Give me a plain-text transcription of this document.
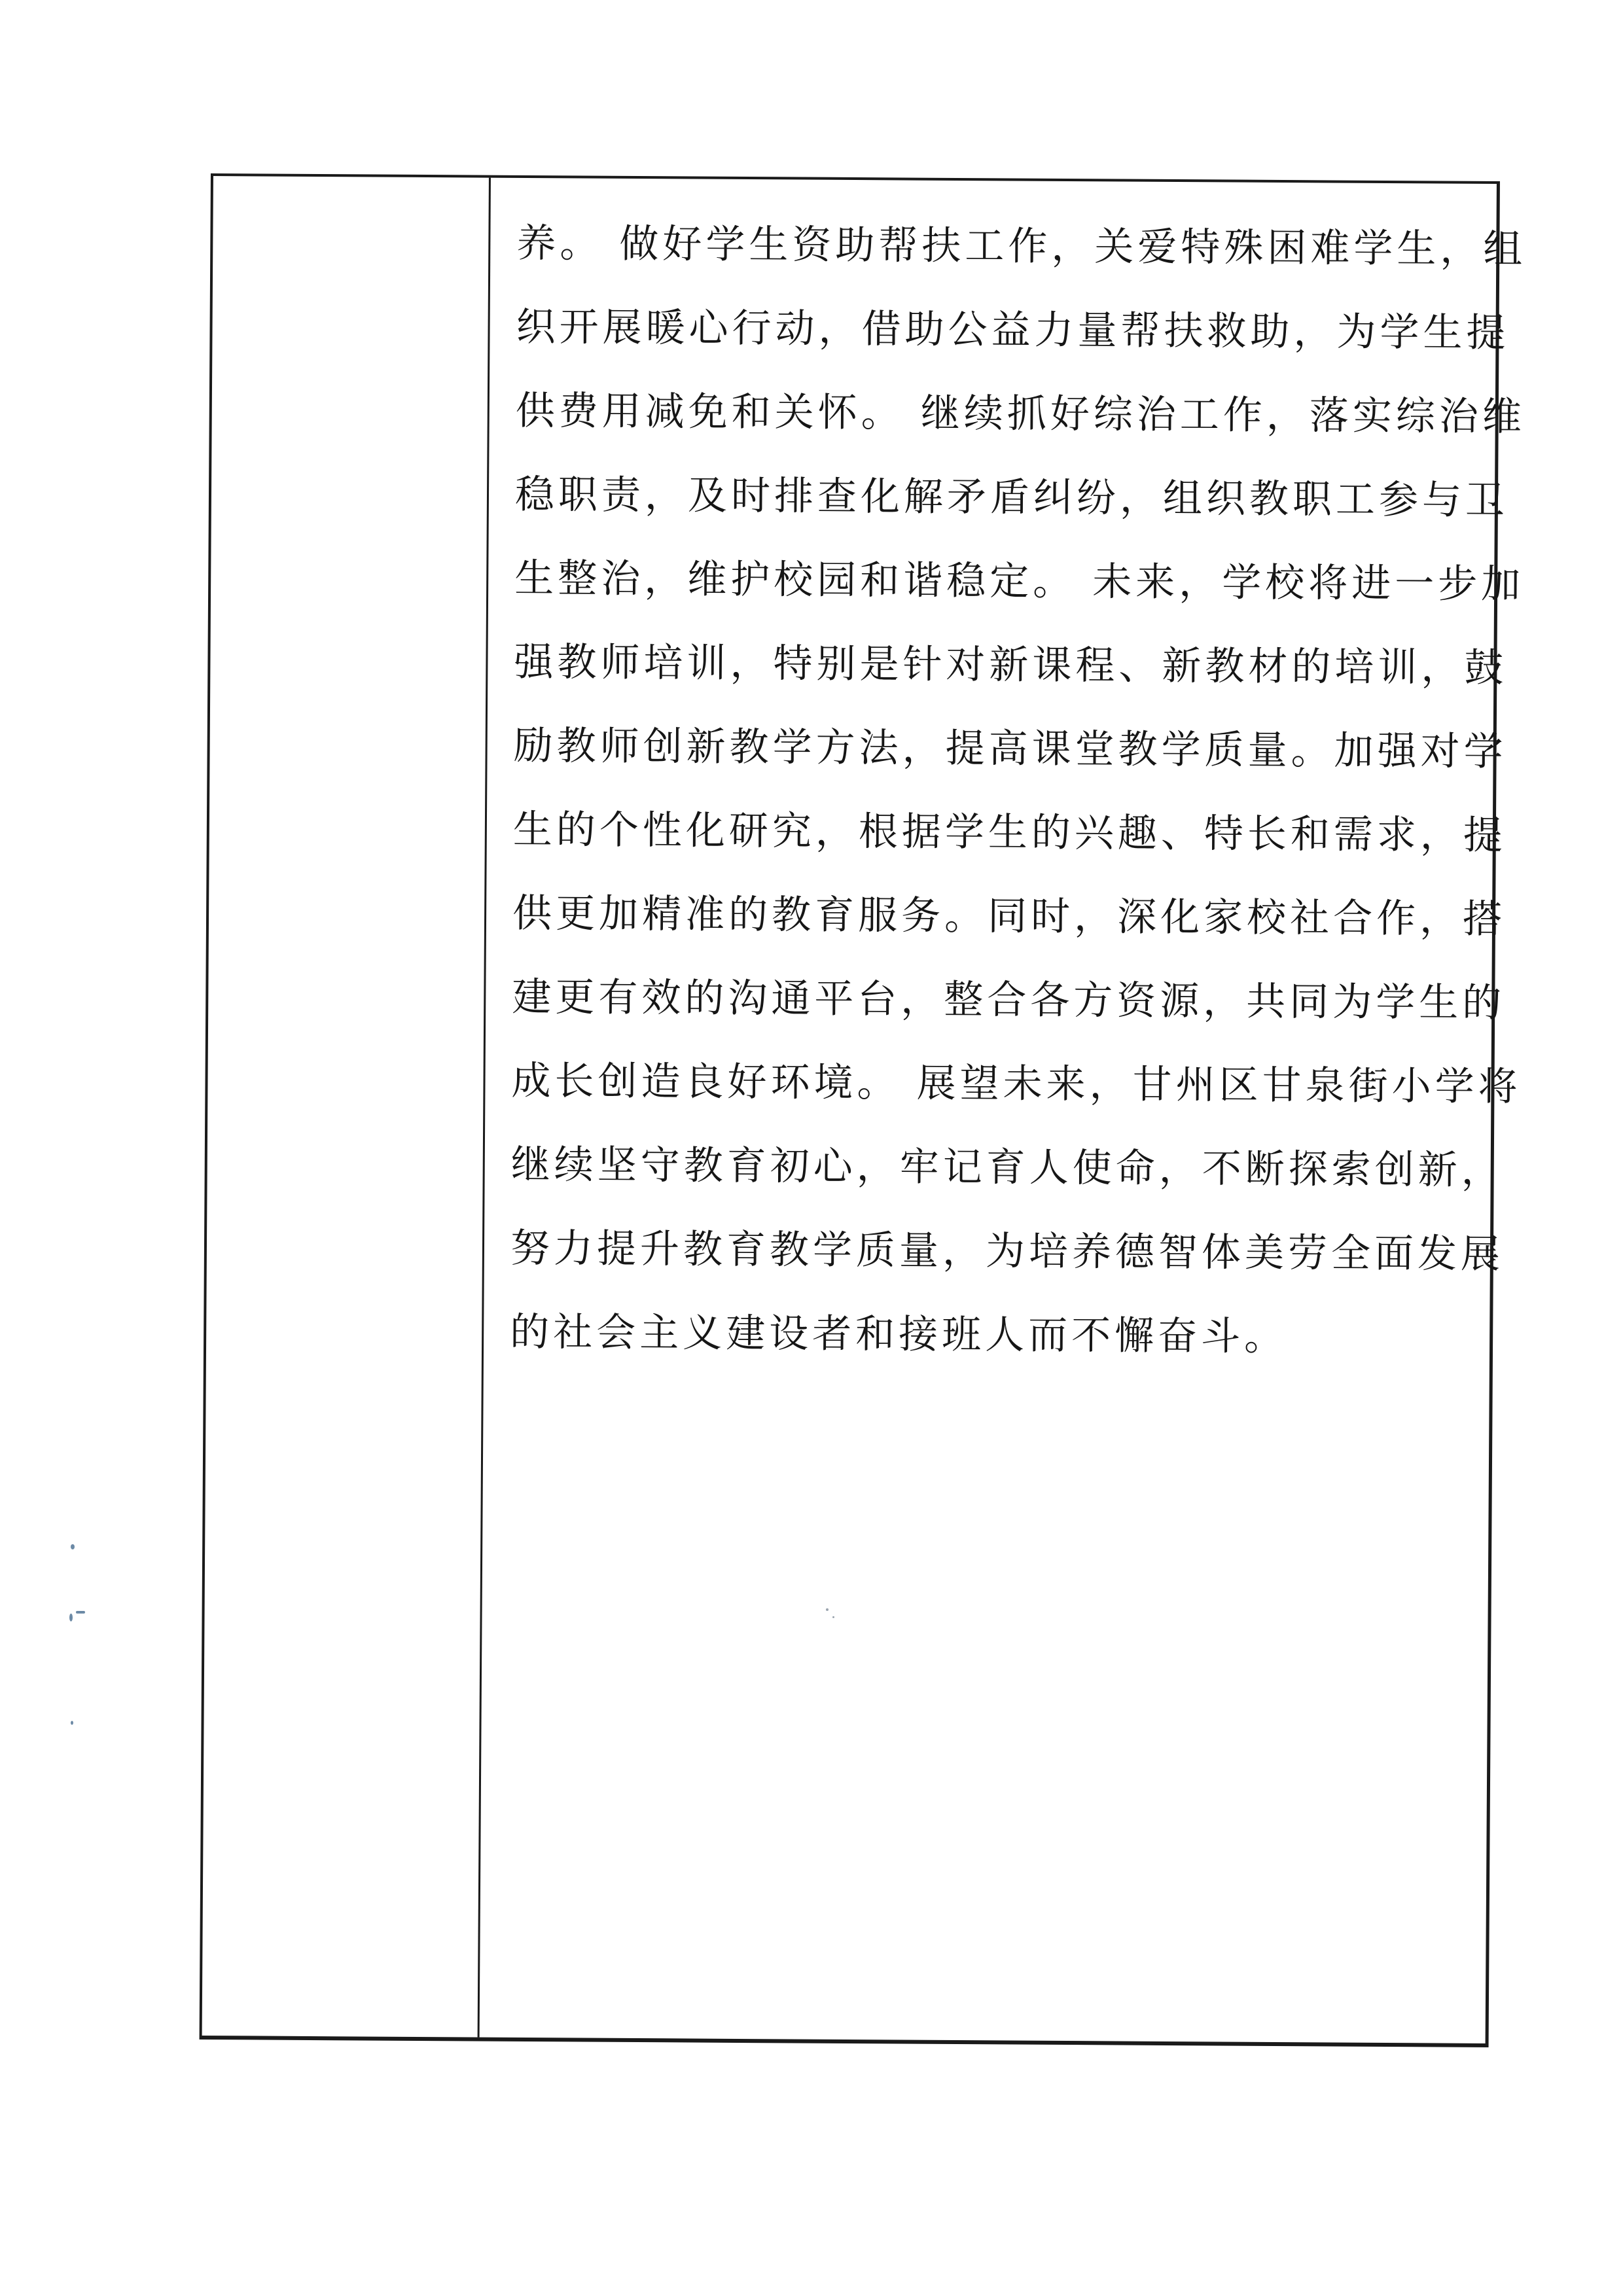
养。 做好学生资助帮扶工作，关爱特殊困难学生，组
织开展暖心行动，借助公益力量帮扶救助，为学生提
供费用减免和关怀。 继续抓好综治工作，落实综治维
稳职责，及时排查化解矛盾纠纷，组织教职工参与卫
生整治，维护校园和谐稳定。 未来，学校将进一步加
强教师培训，特别是针对新课程、新教材的培训，鼓
励教师创新教学方法，提高课堂教学质量。加强对学
生的个性化研究，根据学生的兴趣、特长和需求，提
供更加精准的教育服务。同时，深化家校社合作，搭
建更有效的沟通平台，整合各方资源，共同为学生的
成长创造良好环境。 展望未来，甘州区甘泉街小学将
继续坚守教育初心，牢记育人使命，不断探索创新，
努力提升教育教学质量，为培养德智体美劳全面发展
的社会主义建设者和接班人而不懈奋斗。
